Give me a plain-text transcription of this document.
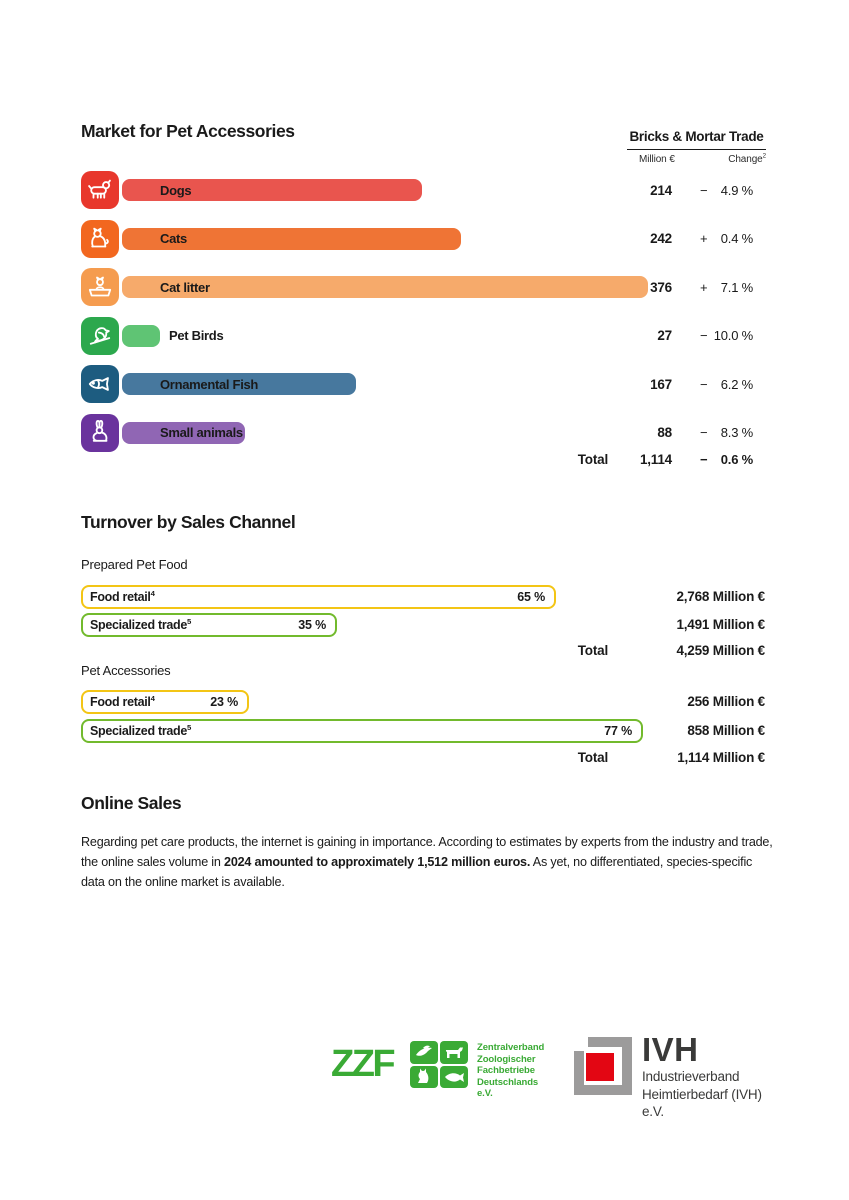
Market for Pet Accessories	Bricks & Mortar Trade
Million €	Change$^2$
Dogs	214 −	4.9 %
Cats	242 +	0.4 %
Cat litter	376 +	7.1 %
Pet Birds	27 − 10.0 %
Ornamental Fish	167 −	6.2 %
Small animals	88 −	8.3 %
Total	1,114 −	0.6 %
Turnover by Sales Channel
Prepared Pet Food
Food retail$^4$	65 %	2,768 Million €
Specialized trade$^5$	35 %	1,491 Million €
Total	4,259 Million €
Pet Accessories
Food retail$^4$	23 %	256 Million €
Specialized trade$^5$	77 %	858 Million €
Total	1,114 Million €
Online Sales

Regarding pet care products, the internet is gaining in importance. According to estimates by experts from the industry and trade, the online sales volume in 2024 amounted to approximately 1,512 million euros. As yet, no differentiated, species-specific data on the online market is available.

ZZF	Zentralverband
Zoologischer
Fachbetriebe
Deutschlands e.V.
IVH
Industrieverband
Heimtierbedarf (IVH) e.V.
